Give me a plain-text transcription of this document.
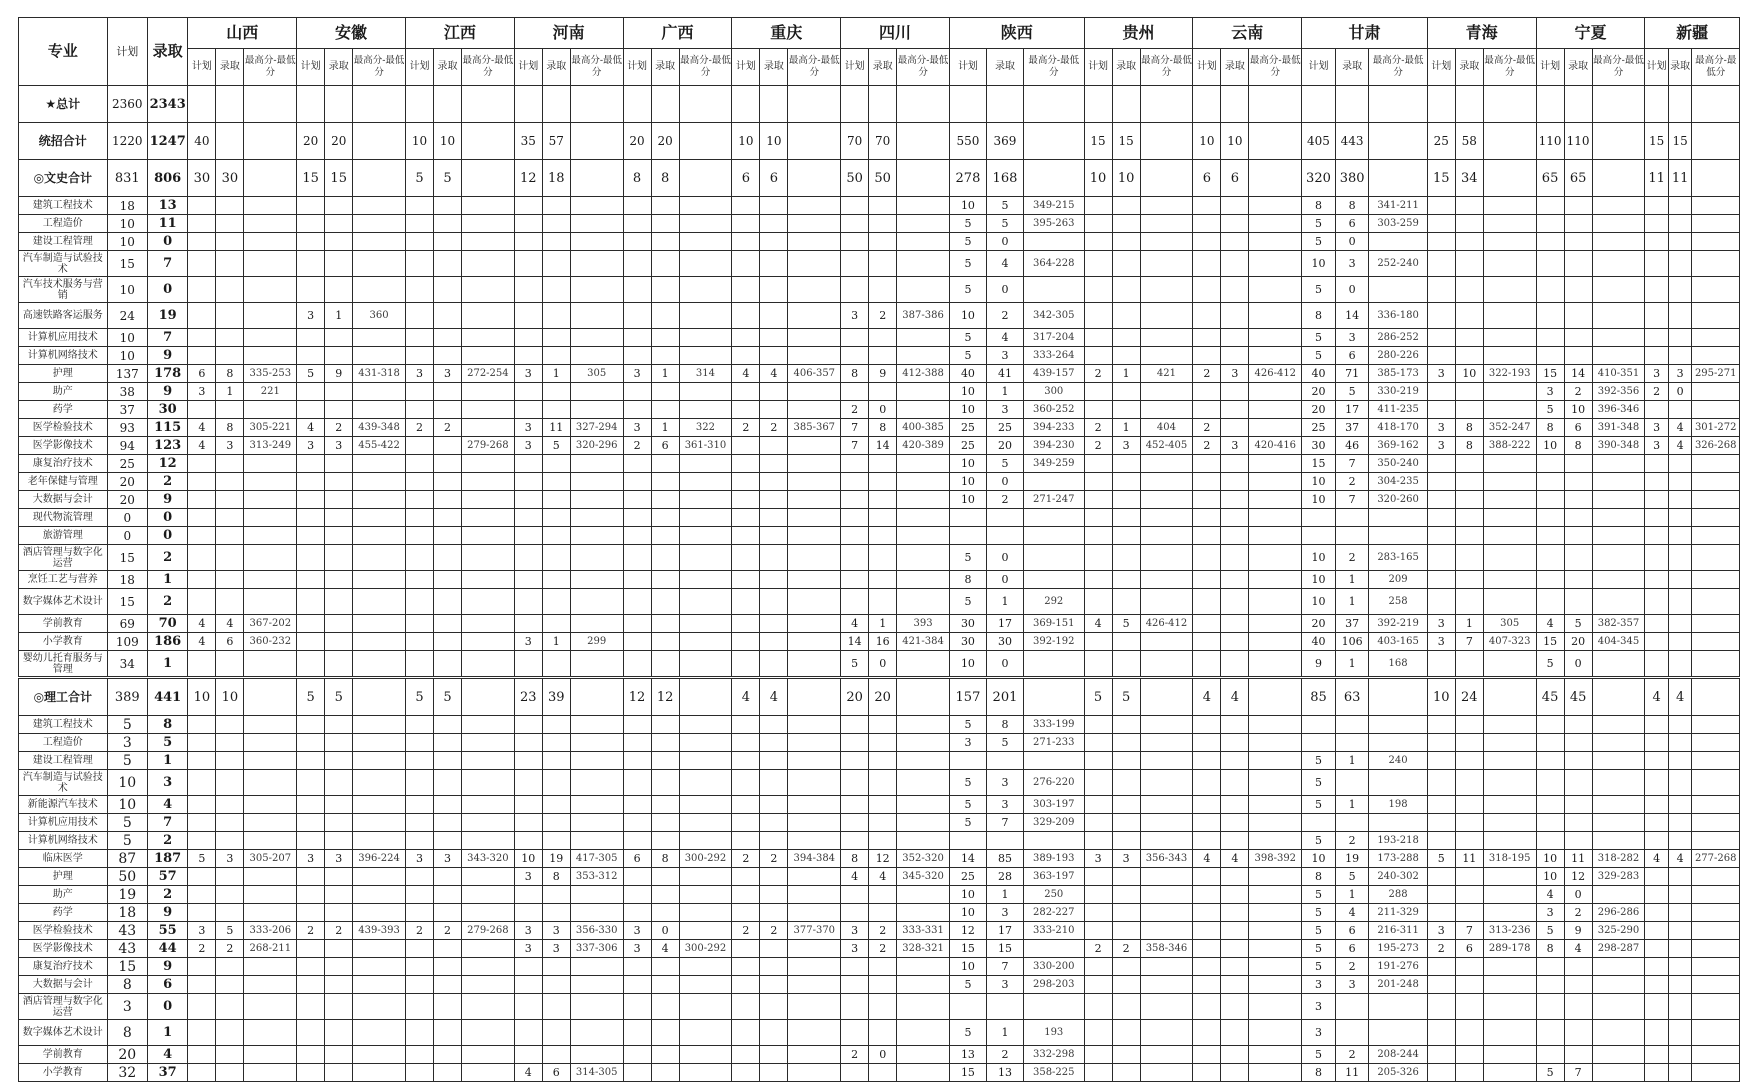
专业	计划	录取	山西			安徽			江西			河南			广西			重庆			四川			陕西			贵州			云南			甘肃			青海			宁夏			新疆		
			计划	录取	最高分-最低分	计划	录取	最高分-最低分	计划	录取	最高分-最低分	计划	录取	最高分-最低分	计划	录取	最高分-最低分	计划	录取	最高分-最低分	计划	录取	最高分-最低分	计划	录取	最高分-最低分	计划	录取	最高分-最低分	计划	录取	最高分-最低分	计划	录取	最高分-最低分	计划	录取	最高分-最低分	计划	录取	最高分-最低分	计划	录取	最高分-最低分
★总计	2360	2343																																										
统招合计	1220	1247	40			20	20		10	10		35	57		20	20		10	10		70	70		550	369		15	15		10	10		405	443		25	58		110	110		15	15	
◎文史合计	831	806	30	30		15	15		5	5		12	18		8	8		6	6		50	50		278	168		10	10		6	6		320	380		15	34		65	65		11	11	
建筑工程技术	18	13																						10	5	349-215							8	8	341-211									
工程造价	10	11																						5	5	395-263							5	6	303-259									
建设工程管理	10	0																						5	0								5	0										
汽车制造与试验技术	15	7																						5	4	364-228							10	3	252-240									
汽车技术服务与营销	10	0																						5	0								5	0										
高速铁路客运服务	24	19				3	1	360													3	2	387-386	10	2	342-305							8	14	336-180									
计算机应用技术	10	7																						5	4	317-204							5	3	286-252									
计算机网络技术	10	9																						5	3	333-264							5	6	280-226									
护理	137	178	6	8	335-253	5	9	431-318	3	3	272-254	3	1	305	3	1	314	4	4	406-357	8	9	412-388	40	41	439-157	2	1	421	2	3	426-412	40	71	385-173	3	10	322-193	15	14	410-351	3	3	295-271
助产	38	9	3	1	221																			10	1	300							20	5	330-219				3	2	392-356	2	0	
药学	37	30																			2	0		10	3	360-252							20	17	411-235				5	10	396-346			
医学检验技术	93	115	4	8	305-221	4	2	439-348	2	2		3	11	327-294	3	1	322	2	2	385-367	7	8	400-385	25	25	394-233	2	1	404	2			25	37	418-170	3	8	352-247	8	6	391-348	3	4	301-272
医学影像技术	94	123	4	3	313-249	3	3	455-422			279-268	3	5	320-296	2	6	361-310				7	14	420-389	25	20	394-230	2	3	452-405	2	3	420-416	30	46	369-162	3	8	388-222	10	8	390-348	3	4	326-268
康复治疗技术	25	12																						10	5	349-259							15	7	350-240									
老年保健与管理	20	2																						10	0								10	2	304-235									
大数据与会计	20	9																						10	2	271-247							10	7	320-260									
现代物流管理	0	0																																										
旅游管理	0	0																																										
酒店管理与数字化运营	15	2																						5	0								10	2	283-165									
烹饪工艺与营养	18	1																						8	0								10	1	209									
数字媒体艺术设计	15	2																						5	1	292							10	1	258									
学前教育	69	70	4	4	367-202																4	1	393	30	17	369-151	4	5	426-412				20	37	392-219	3	1	305	4	5	382-357			
小学教育	109	186	4	6	360-232							3	1	299							14	16	421-384	30	30	392-192							40	106	403-165	3	7	407-323	15	20	404-345			
婴幼儿托育服务与管理	34	1																			5	0		10	0								9	1	168				5	0				
◎理工合计	389	441	10	10		5	5		5	5		23	39		12	12		4	4		20	20		157	201		5	5		4	4		85	63		10	24		45	45		4	4	
建筑工程技术	5	8																						5	8	333-199																		
工程造价	3	5																						3	5	271-233																		
建设工程管理	5	1																															5	1	240									
汽车制造与试验技术	10	3																						5	3	276-220							5											
新能源汽车技术	10	4																						5	3	303-197							5	1	198									
计算机应用技术	5	7																						5	7	329-209																		
计算机网络技术	5	2																															5	2	193-218									
临床医学	87	187	5	3	305-207	3	3	396-224	3	3	343-320	10	19	417-305	6	8	300-292	2	2	394-384	8	12	352-320	14	85	389-193	3	3	356-343	4	4	398-392	10	19	173-288	5	11	318-195	10	11	318-282	4	4	277-268
护理	50	57										3	8	353-312							4	4	345-320	25	28	363-197							8	5	240-302				10	12	329-283			
助产	19	2																						10	1	250							5	1	288				4	0				
药学	18	9																						10	3	282-227							5	4	211-329				3	2	296-286			
医学检验技术	43	55	3	5	333-206	2	2	439-393	2	2	279-268	3	3	356-330	3	0		2	2	377-370	3	2	333-331	12	17	333-210							5	6	216-311	3	7	313-236	5	9	325-290			
医学影像技术	43	44	2	2	268-211							3	3	337-306	3	4	300-292				3	2	328-321	15	15		2	2	358-346				5	6	195-273	2	6	289-178	8	4	298-287			
康复治疗技术	15	9																						10	7	330-200							5	2	191-276									
大数据与会计	8	6																						5	3	298-203							3	3	201-248									
酒店管理与数字化运营	3	0																															3											
数字媒体艺术设计	8	1																						5	1	193							3											
学前教育	20	4																			2	0		13	2	332-298							5	2	208-244									
小学教育	32	37										4	6	314-305										15	13	358-225							8	11	205-326				5	7				
